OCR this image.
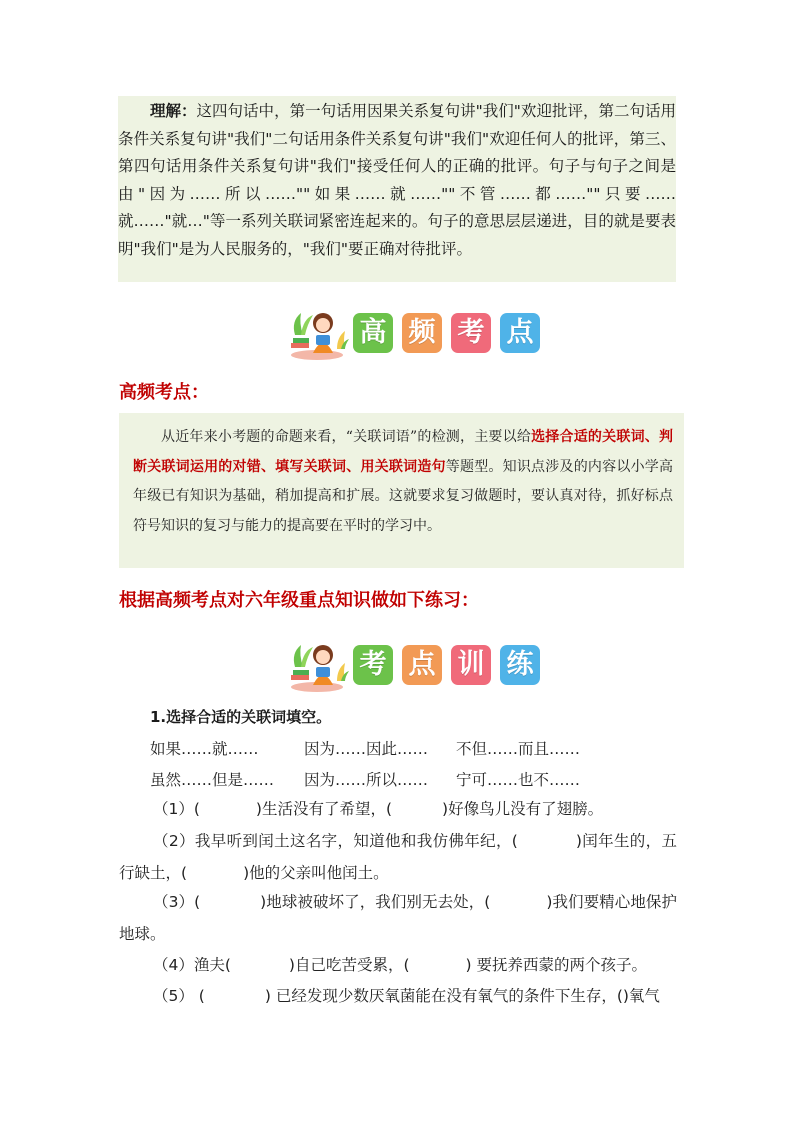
理解：这四句话中，第一句话用因果关系复句讲"我们"欢迎批评，第二句话用条件关系复句讲"我们"二句话用条件关系复句讲"我们"欢迎任何人的批评，第三、第四句话用条件关系复句讲"我们"接受任何人的正确的批评。句子与句子之间是由"因为……所以……""如果……就……""不管……都……""只要……就……"就…"等一系列关联词紧密连起来的。句子的意思层层递进，目的就是要表明"我们"是为人民服务的，"我们"要正确对待批评。

高 频 考 点
高频考点：

从近年来小考题的命题来看，“关联词语”的检测，主要以给选择合适的关联词、判断关联词运用的对错、填写关联词、用关联词造句等题型。知识点涉及的内容以小学高年级已有知识为基础，稍加提高和扩展。这就要求复习做题时，要认真对待，抓好标点符号知识的复习与能力的提高要在平时的学习中。

根据高频考点对六年级重点知识做如下练习：
考 点 训 练
1.选择合适的关联词填空。
如果……就……	因为……因此…… 不但……而且……
虽然……但是…… 因为……所以…… 宁可……也不……
（1）(	)生活没有了希望，(	)好像鸟儿没有了翅膀。
（2）我早听到闰土这名字，知道他和我仿佛年纪，(	)闰年生的，五行缺土，(	)他的父亲叫他闰土。
（3）(	)地球被破坏了，我们别无去处，(	)我们要精心地保护地球。
（4）渔夫(	)自己吃苦受累，(	) 要抚养西蒙的两个孩子。
（5） (	) 已经发现少数厌氧菌能在没有氧气的条件下生存，()氧气
